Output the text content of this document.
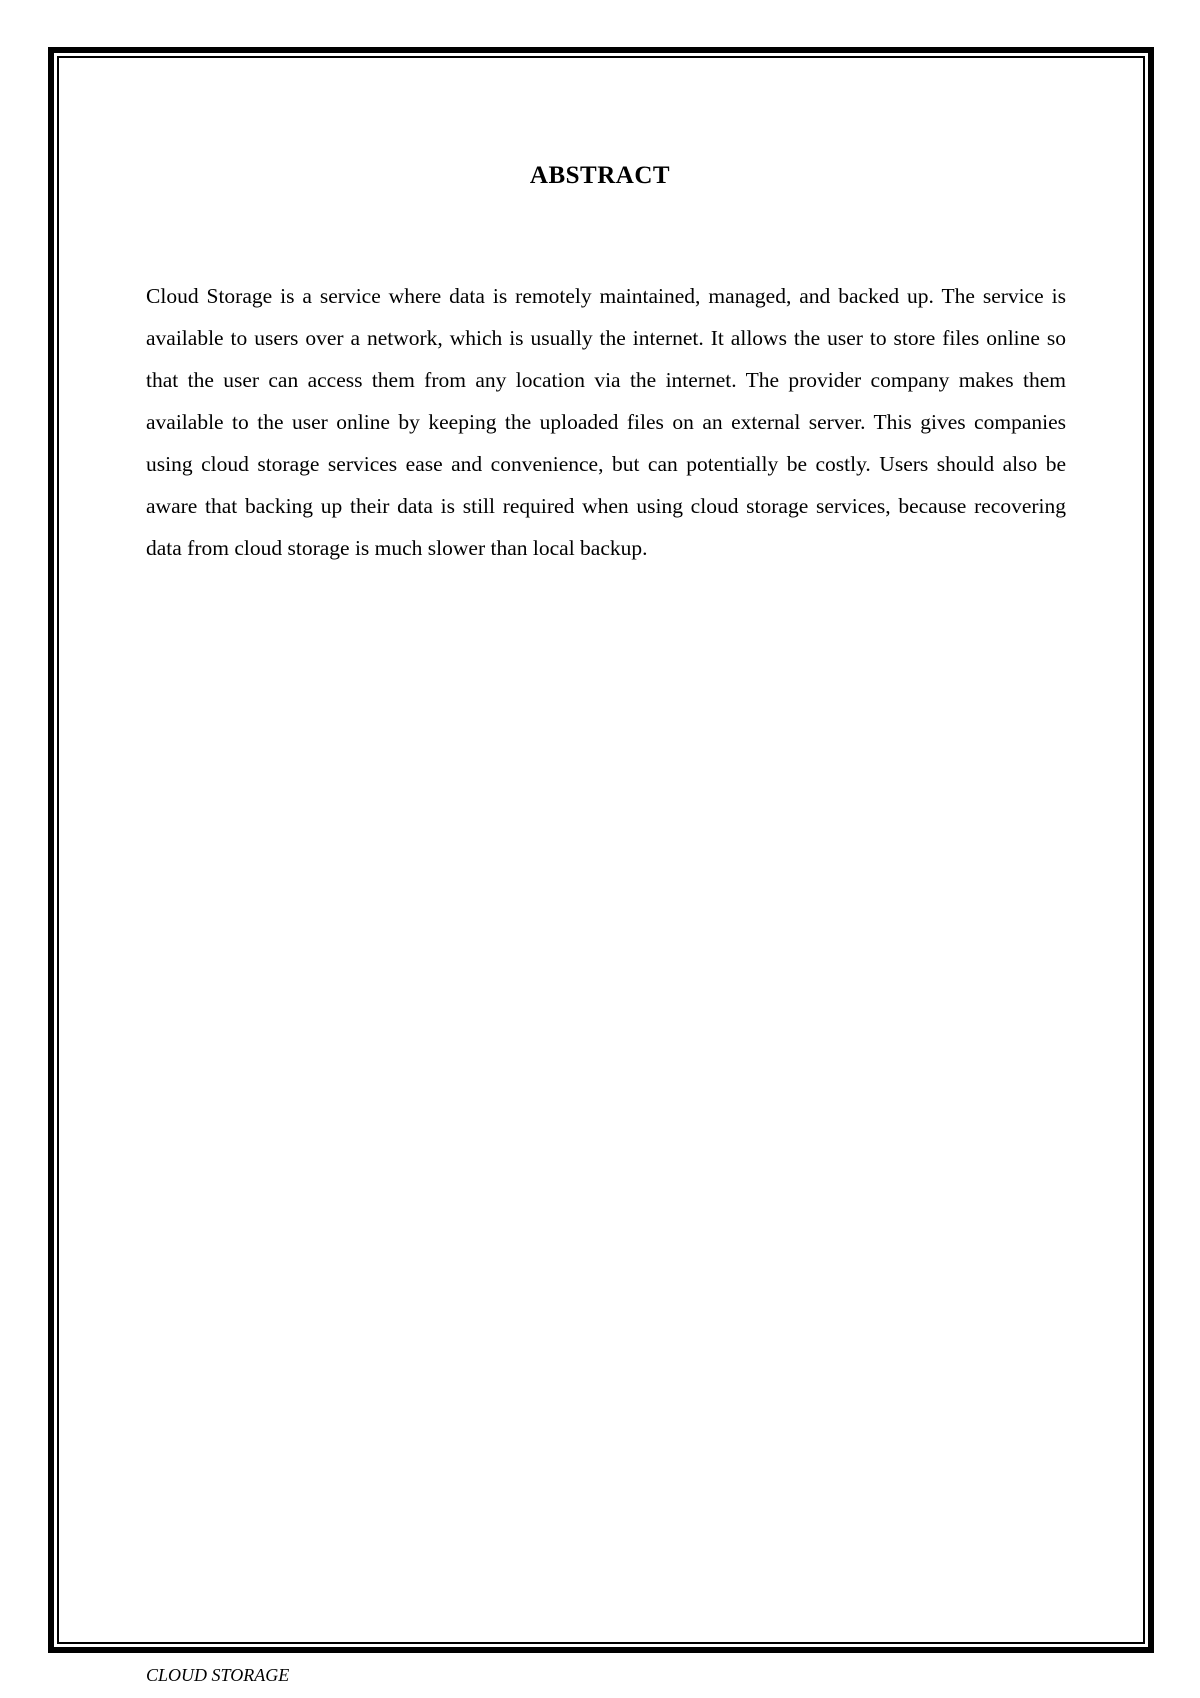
ABSTRACT

Cloud Storage is a service where data is remotely maintained, managed, and backed up. The service is available to users over a network, which is usually the internet. It allows the user to store files online so that the user can access them from any location via the internet. The provider company makes them available to the user online by keeping the uploaded files on an external server. This gives companies using cloud storage services ease and convenience, but can potentially be costly. Users should also be aware that backing up their data is still required when using cloud storage services, because recovering data from cloud storage is much slower than local backup.

CLOUD STORAGE
